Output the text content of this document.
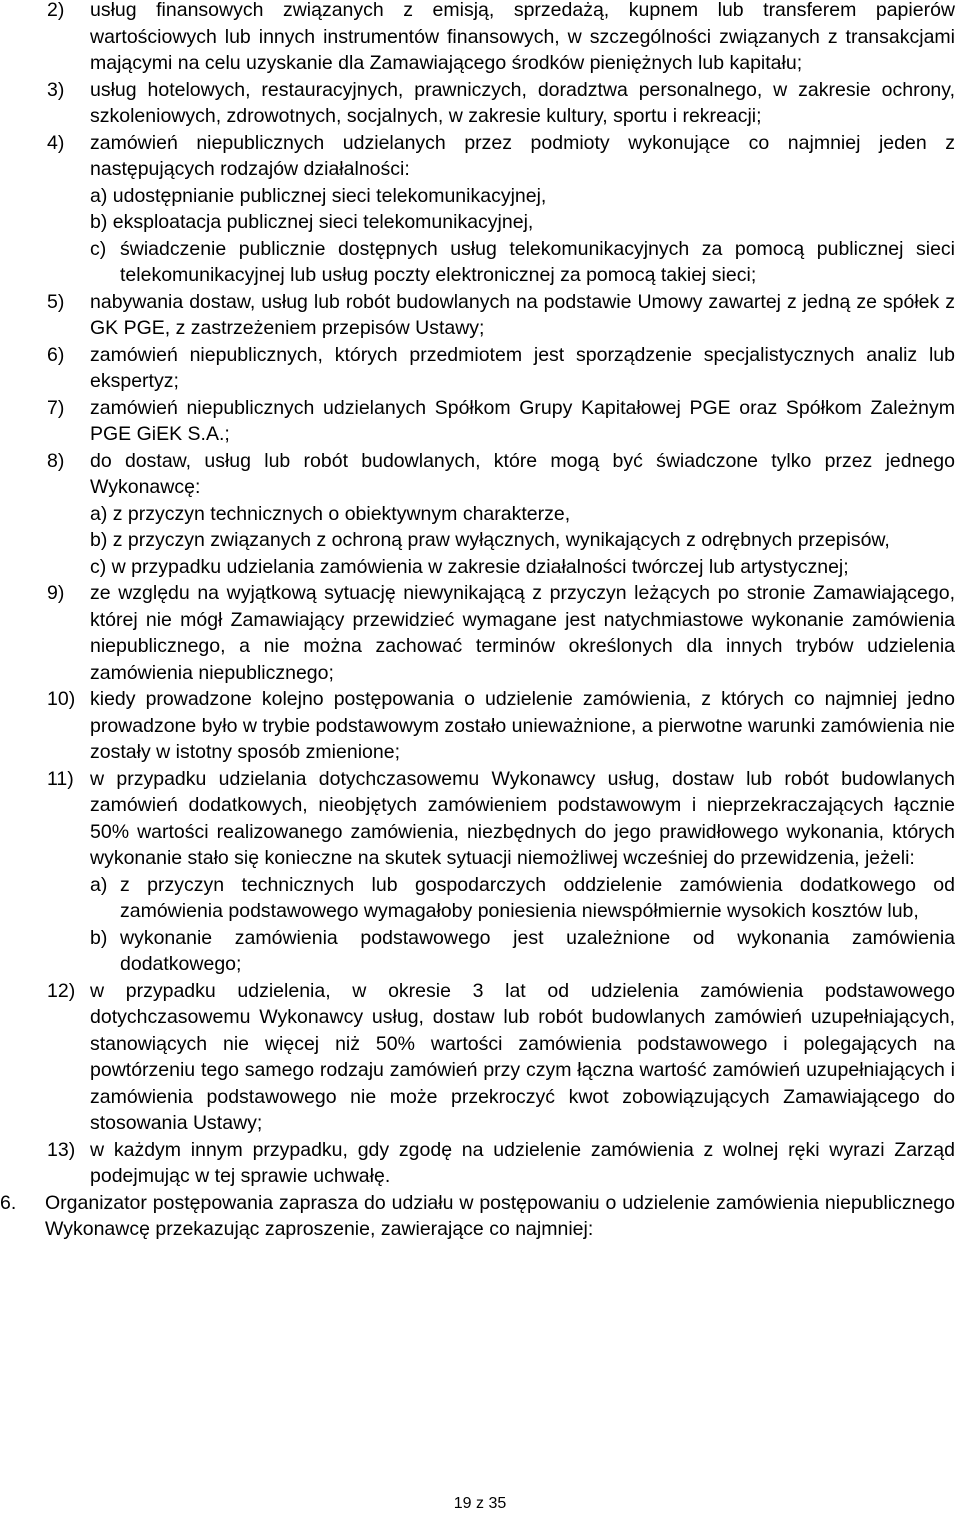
2) usług finansowych związanych z emisją, sprzedażą, kupnem lub transferem papierów wartościowych lub innych instrumentów finansowych, w szczególności związanych z transakcjami mającymi na celu uzyskanie dla Zamawiającego środków pieniężnych lub kapitału;
3) usług hotelowych, restauracyjnych, prawniczych, doradztwa personalnego, w zakresie ochrony, szkoleniowych, zdrowotnych, socjalnych, w zakresie kultury, sportu i rekreacji;
4) zamówień niepublicznych udzielanych przez podmioty wykonujące co najmniej jeden z następujących rodzajów działalności:
a) udostępnianie publicznej sieci telekomunikacyjnej,
b) eksploatacja publicznej sieci telekomunikacyjnej,
c) świadczenie publicznie dostępnych usług telekomunikacyjnych za pomocą publicznej sieci telekomunikacyjnej lub usług poczty elektronicznej za pomocą takiej sieci;
5) nabywania dostaw, usług lub robót budowlanych na podstawie Umowy zawartej z jedną ze spółek z GK PGE, z zastrzeżeniem przepisów Ustawy;
6) zamówień niepublicznych, których przedmiotem jest sporządzenie specjalistycznych analiz lub ekspertyz;
7) zamówień niepublicznych udzielanych Spółkom Grupy Kapitałowej PGE oraz Spółkom Zależnym PGE GiEK S.A.;
8) do dostaw, usług lub robót budowlanych, które mogą być świadczone tylko przez jednego Wykonawcę:
a) z przyczyn technicznych o obiektywnym charakterze,
b) z przyczyn związanych z ochroną praw wyłącznych, wynikających z odrębnych przepisów,
c) w przypadku udzielania zamówienia w zakresie działalności twórczej lub artystycznej;
9) ze względu na wyjątkową sytuację niewynikającą z przyczyn leżących po stronie Zamawiającego, której nie mógł Zamawiający przewidzieć wymagane jest natychmiastowe wykonanie zamówienia niepublicznego, a nie można zachować terminów określonych dla innych trybów udzielenia zamówienia niepublicznego;
10) kiedy prowadzone kolejno postępowania o udzielenie zamówienia, z których co najmniej jedno prowadzone było w trybie podstawowym zostało unieważnione, a pierwotne warunki zamówienia nie zostały w istotny sposób zmienione;
11) w przypadku udzielania dotychczasowemu Wykonawcy usług, dostaw lub robót budowlanych zamówień dodatkowych, nieobjętych zamówieniem podstawowym i nieprzekraczających łącznie 50% wartości realizowanego zamówienia, niezbędnych do jego prawidłowego wykonania, których wykonanie stało się konieczne na skutek sytuacji niemożliwej wcześniej do przewidzenia, jeżeli:
a) z przyczyn technicznych lub gospodarczych oddzielenie zamówienia dodatkowego od zamówienia podstawowego wymagałoby poniesienia niewspółmiernie wysokich kosztów lub,
b) wykonanie zamówienia podstawowego jest uzależnione od wykonania zamówienia dodatkowego;
12) w przypadku udzielenia, w okresie 3 lat od udzielenia zamówienia podstawowego dotychczasowemu Wykonawcy usług, dostaw lub robót budowlanych zamówień uzupełniających, stanowiących nie więcej niż 50% wartości zamówienia podstawowego i polegających na powtórzeniu tego samego rodzaju zamówień przy czym łączna wartość zamówień uzupełniających i zamówienia podstawowego nie może przekroczyć kwot zobowiązujących Zamawiającego do stosowania Ustawy;
13) w każdym innym przypadku, gdy zgodę na udzielenie zamówienia z wolnej ręki wyrazi Zarząd podejmując w tej sprawie uchwałę.
6. Organizator postępowania zaprasza do udziału w postępowaniu o udzielenie zamówienia niepublicznego Wykonawcę przekazując zaproszenie, zawierające co najmniej:
19 z 35
